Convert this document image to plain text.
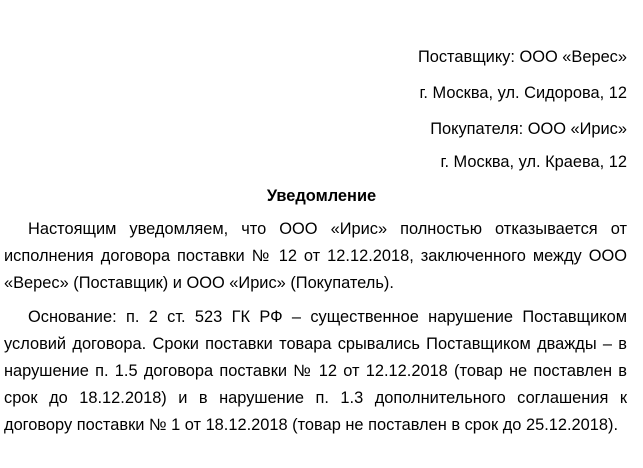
Поставщику: ООО «Верес»

г. Москва, ул. Сидорова, 12

Покупателя: ООО «Ирис»

г. Москва, ул. Краева, 12

Уведомление

Настоящим уведомляем, что ООО «Ирис» полностью отказывается от исполнения договора поставки № 12 от 12.12.2018, заключенного между ООО «Верес» (Поставщик) и ООО «Ирис» (Покупатель).

Основание: п. 2 ст. 523 ГК РФ – существенное нарушение Поставщиком условий договора. Сроки поставки товара срывались Поставщиком дважды – в нарушение п. 1.5 договора поставки № 12 от 12.12.2018 (товар не поставлен в срок до 18.12.2018) и в нарушение п. 1.3 дополнительного соглашения к договору поставки № 1 от 18.12.2018 (товар не поставлен в срок до 25.12.2018).
